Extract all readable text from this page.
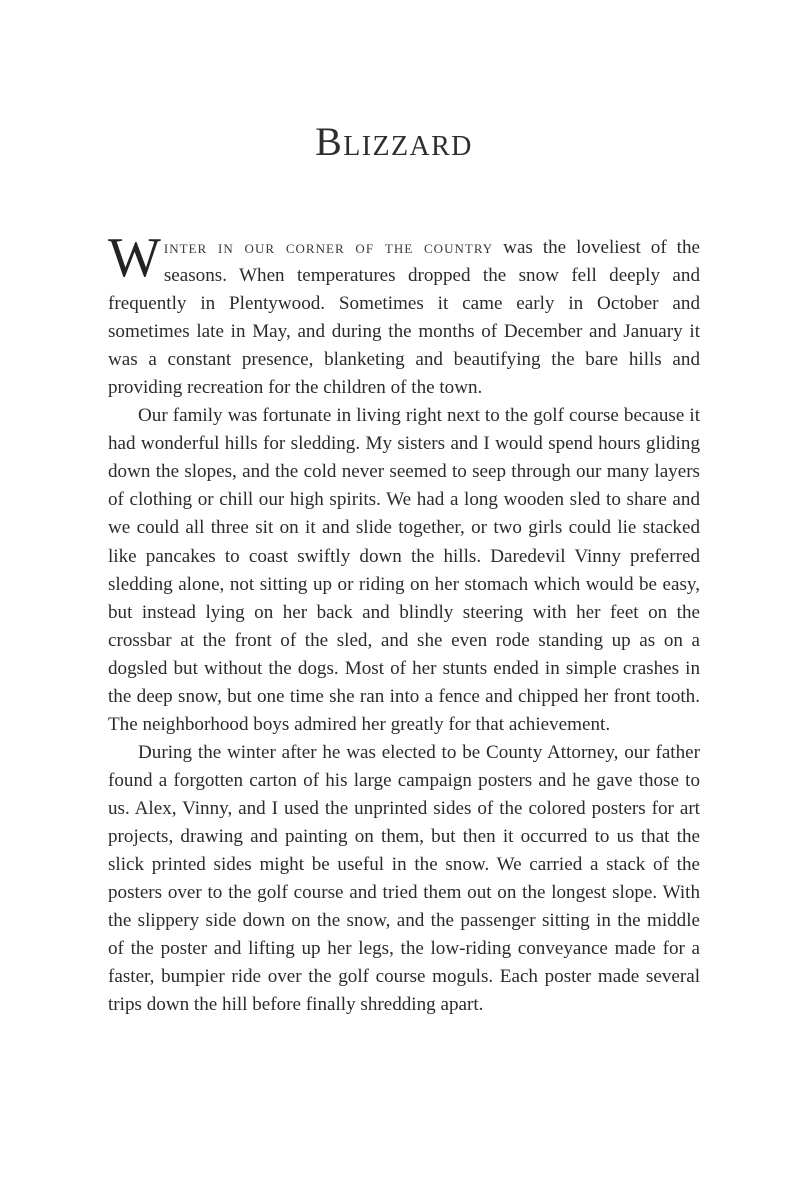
Blizzard

Winter in our corner of the country was the loveliest of the seasons. When temperatures dropped the snow fell deeply and frequently in Plentywood. Sometimes it came early in October and sometimes late in May, and during the months of December and January it was a constant presence, blanketing and beautifying the bare hills and providing recreation for the children of the town.

Our family was fortunate in living right next to the golf course because it had wonderful hills for sledding. My sisters and I would spend hours gliding down the slopes, and the cold never seemed to seep through our many layers of clothing or chill our high spirits. We had a long wooden sled to share and we could all three sit on it and slide together, or two girls could lie stacked like pancakes to coast swiftly down the hills. Daredevil Vinny preferred sledding alone, not sitting up or riding on her stomach which would be easy, but instead lying on her back and blindly steering with her feet on the crossbar at the front of the sled, and she even rode standing up as on a dogsled but without the dogs. Most of her stunts ended in simple crashes in the deep snow, but one time she ran into a fence and chipped her front tooth. The neighborhood boys admired her greatly for that achievement.

During the winter after he was elected to be County Attorney, our father found a forgotten carton of his large campaign posters and he gave those to us. Alex, Vinny, and I used the unprinted sides of the colored posters for art projects, drawing and painting on them, but then it occurred to us that the slick printed sides might be useful in the snow. We carried a stack of the posters over to the golf course and tried them out on the longest slope. With the slippery side down on the snow, and the passenger sitting in the middle of the poster and lifting up her legs, the low-riding conveyance made for a faster, bumpier ride over the golf course moguls. Each poster made several trips down the hill before finally shredding apart.
